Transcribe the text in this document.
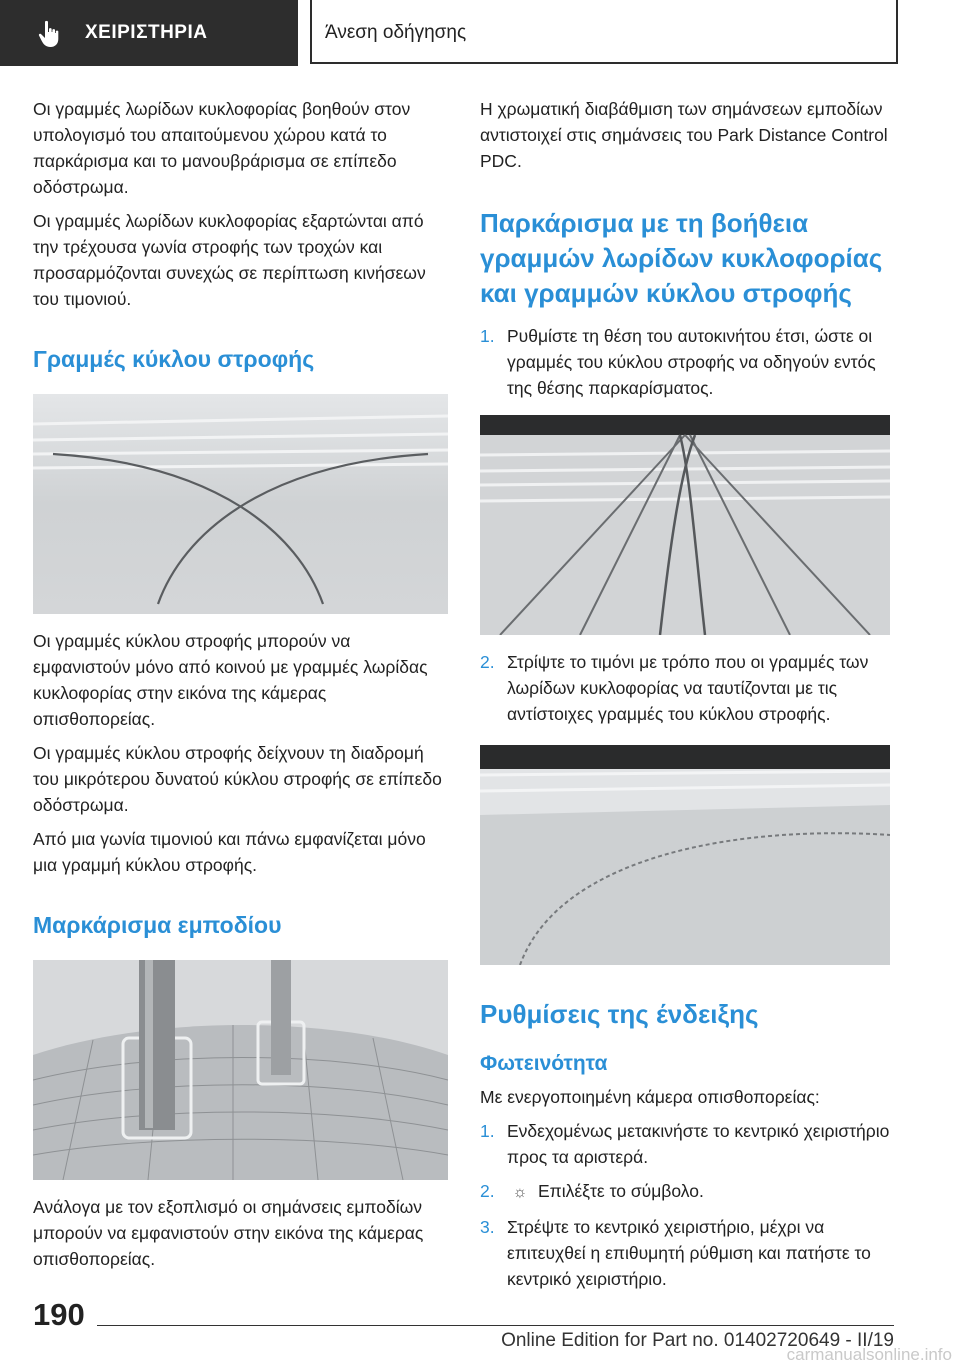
ΧΕΙΡΙΣΤΗΡΙΑ	Άνεση οδήγησης

Οι γραμμές λωρίδων κυκλοφορίας βοηθούν στον υπολογισμό του απαιτούμενου χώρου κατά το παρκάρισμα και το μανουβράρισμα σε επίπεδο οδόστρωμα.

Οι γραμμές λωρίδων κυκλοφορίας εξαρτώνται από την τρέχουσα γωνία στροφής των τροχών και προσαρμόζονται συνεχώς σε περίπτωση κινήσεων του τιμονιού.

Γραμμές κύκλου στροφής

Οι γραμμές κύκλου στροφής μπορούν να εμφανιστούν μόνο από κοινού με γραμμές λωρίδας κυκλοφορίας στην εικόνα της κάμερας οπισθοπορείας.

Οι γραμμές κύκλου στροφής δείχνουν τη διαδρομή του μικρότερου δυνατού κύκλου στροφής σε επίπεδο οδόστρωμα.

Από μια γωνία τιμονιού και πάνω εμφανίζεται μόνο μια γραμμή κύκλου στροφής.

Μαρκάρισμα εμποδίου

Ανάλογα με τον εξοπλισμό οι σημάνσεις εμποδίων μπορούν να εμφανιστούν στην εικόνα της κάμερας οπισθοπορείας.

Η χρωματική διαβάθμιση των σημάνσεων εμποδίων αντιστοιχεί στις σημάνσεις του Park Distance Control PDC.

Παρκάρισμα με τη βοήθεια γραμμών λωρίδων κυκλοφορίας και γραμμών κύκλου στροφής
1. Ρυθμίστε τη θέση του αυτοκινήτου έτσι, ώστε οι γραμμές του κύκλου στροφής να οδηγούν εντός της θέσης παρκαρίσματος.
2. Στρίψτε το τιμόνι με τρόπο που οι γραμμές των λωρίδων κυκλοφορίας να ταυτίζονται με τις αντίστοιχες γραμμές του κύκλου στροφής.
Ρυθμίσεις της ένδειξης
Φωτεινότητα

Με ενεργοποιημένη κάμερα οπισθοπορείας:

1. Ενδεχομένως μετακινήστε το κεντρικό χειριστήριο προς τα αριστερά.
2. ☼ Επιλέξτε το σύμβολο.
3. Στρέψτε το κεντρικό χειριστήριο, μέχρι να επιτευχθεί η επιθυμητή ρύθμιση και πατήστε το κεντρικό χειριστήριο.
190
Online Edition for Part no. 01402720649 - II/19
carmanualsonline.info
